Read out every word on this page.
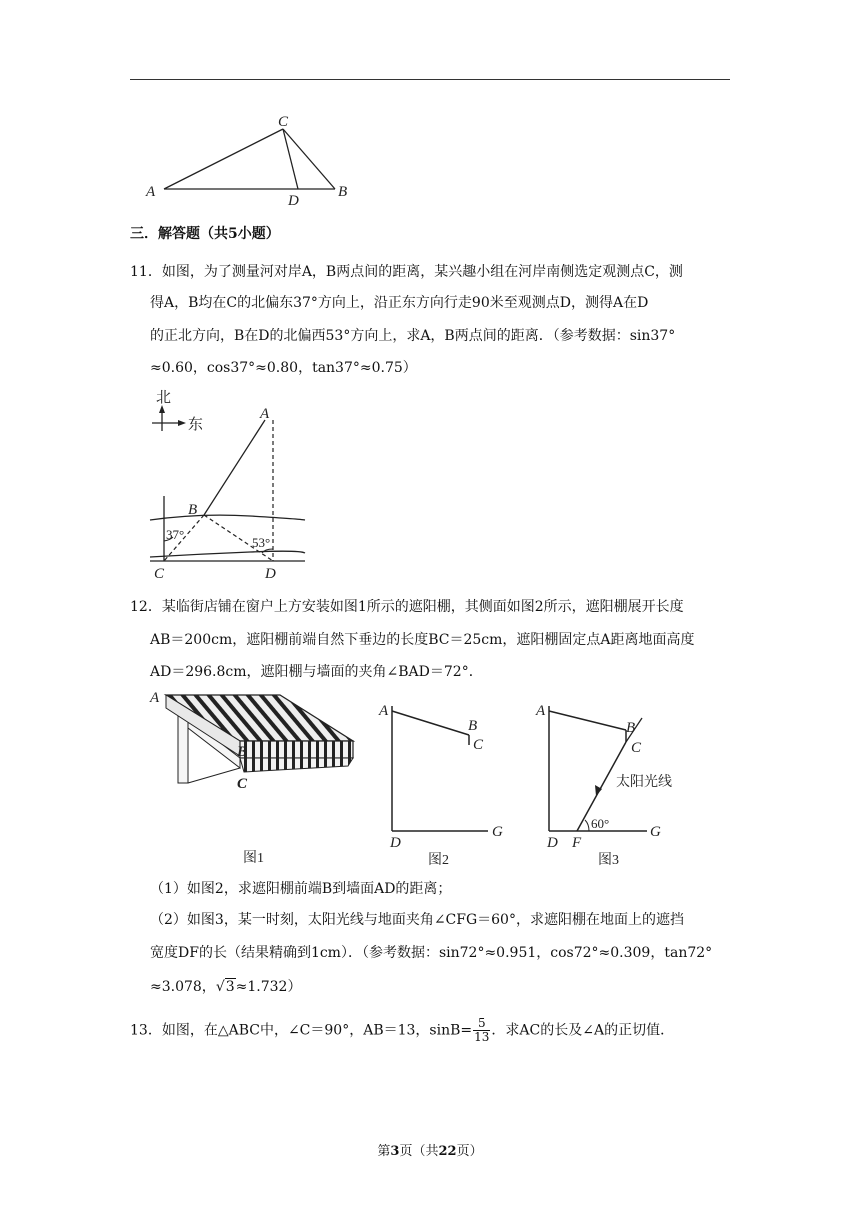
C
A
D
B
三．解答题（共5小题）
11．如图，为了测量河对岸A，B两点间的距离，某兴趣小组在河岸南侧选定观测点C，测
得A，B均在C的北偏东37°方向上，沿正东方向行走90米至观测点D，测得A在D
的正北方向，B在D的北偏西53°方向上，求A，B两点间的距离．（参考数据：sin37°
≈0.60，cos37°≈0.80，tan37°≈0.75）
北
东
A
B
C	D
37°
53°
12．某临街店铺在窗户上方安装如图1所示的遮阳棚，其侧面如图2所示，遮阳棚展开长度
AB＝200cm，遮阳棚前端自然下垂边的长度BC＝25cm，遮阳棚固定点A距离地面高度
AD＝296.8cm，遮阳棚与墙面的夹角∠BAD＝72°．
A
B
C
图1
A
B
C
D
G
图2
A
B
C
D F
G
太阳光线
60°
图3
（1）如图2，求遮阳棚前端B到墙面AD的距离；
（2）如图3，某一时刻，太阳光线与地面夹角∠CFG＝60°，求遮阳棚在地面上的遮挡
宽度DF的长（结果精确到1cm）．（参考数据：sin72°≈0.951，cos72°≈0.309，tan72°
≈3.078，√3≈1.732）
13．如图，在△ABC中，∠C＝90°，AB＝13，$\sin B= \frac{5}{13}$ ．求AC的长及∠A的正切值．
第3页（共22页）
